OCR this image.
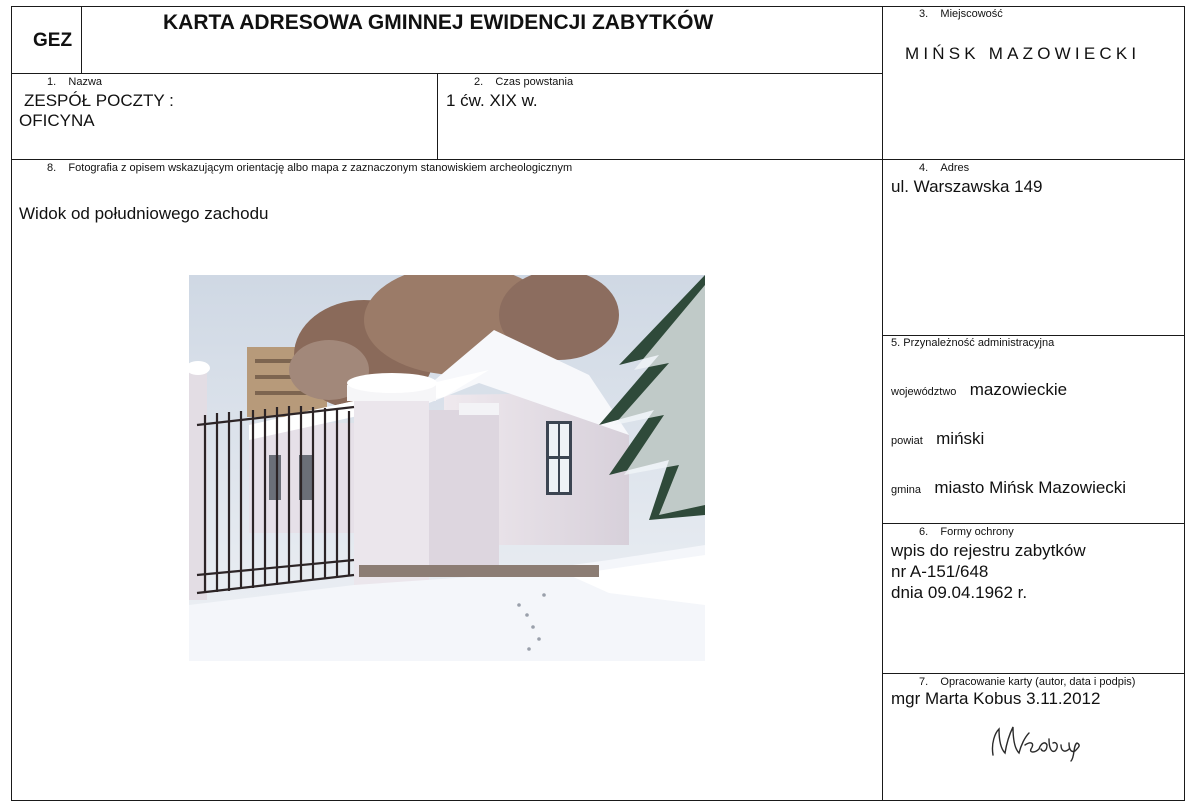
GEZ
KARTA ADRESOWA GMINNEJ EWIDENCJI ZABYTKÓW	3. Miejscowość
MIŃSK MAZOWIECKI
1. Nazwa
ZESPÓŁ POCZTY :
OFICYNA
2. Czas powstania
1 ćw. XIX w.
8. Fotografia z opisem wskazującym orientację albo mapa z zaznaczonym stanowiskiem archeologicznym
Widok od południowego zachodu
4. Adres
ul. Warszawska 149
5. Przynależność administracyjna
województwo mazowieckie
powiat miński
gmina miasto Mińsk Mazowiecki
6. Formy ochrony
wpis do rejestru zabytków
nr A-151/648
dnia 09.04.1962 r.
7. Opracowanie karty (autor, data i podpis)
mgr Marta Kobus 3.11.2012
